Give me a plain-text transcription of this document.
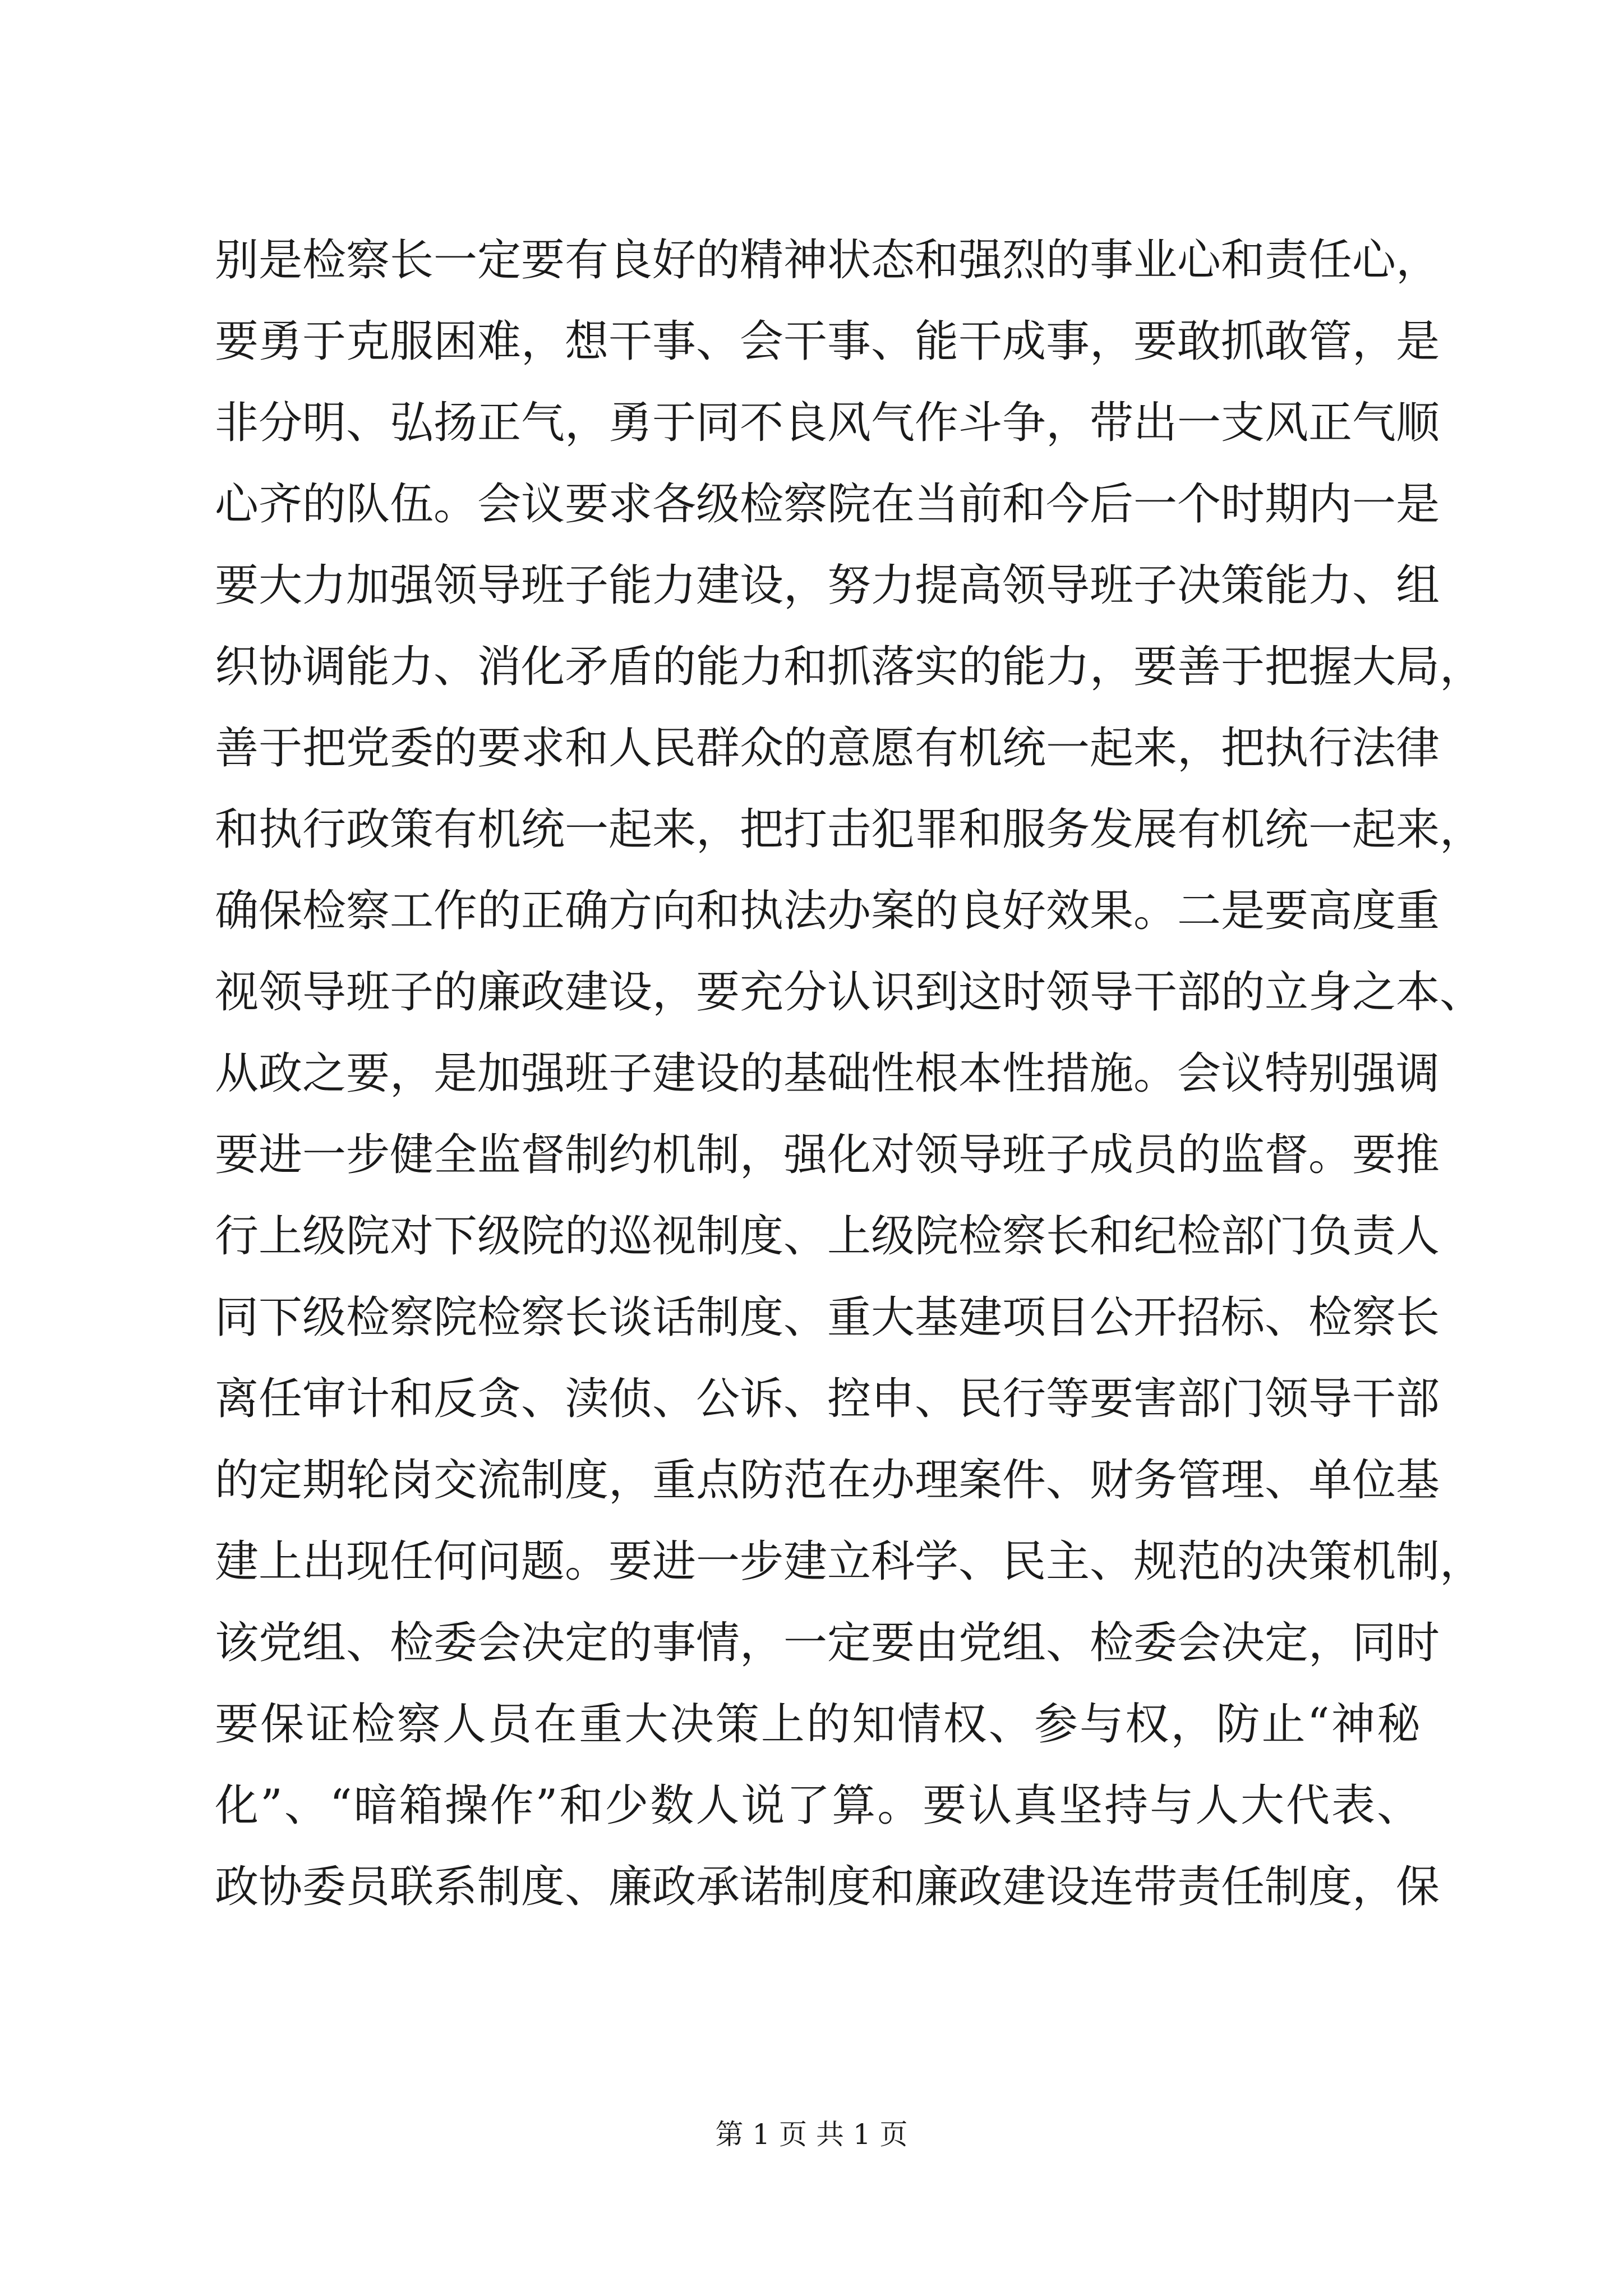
别是检察长一定要有良好的精神状态和强烈的事业心和责任心，
要勇于克服困难，想干事、会干事、能干成事，要敢抓敢管，是
非分明、弘扬正气，勇于同不良风气作斗争，带出一支风正气顺
心齐的队伍。会议要求各级检察院在当前和今后一个时期内一是
要大力加强领导班子能力建设，努力提高领导班子决策能力、组
织协调能力、消化矛盾的能力和抓落实的能力，要善于把握大局，
善于把党委的要求和人民群众的意愿有机统一起来，把执行法律
和执行政策有机统一起来，把打击犯罪和服务发展有机统一起来，
确保检察工作的正确方向和执法办案的良好效果。二是要高度重
视领导班子的廉政建设，要充分认识到这时领导干部的立身之本、
从政之要，是加强班子建设的基础性根本性措施。会议特别强调
要进一步健全监督制约机制，强化对领导班子成员的监督。要推
行上级院对下级院的巡视制度、上级院检察长和纪检部门负责人
同下级检察院检察长谈话制度、重大基建项目公开招标、检察长
离任审计和反贪、渎侦、公诉、控申、民行等要害部门领导干部
的定期轮岗交流制度，重点防范在办理案件、财务管理、单位基
建上出现任何问题。要进一步建立科学、民主、规范的决策机制，
该党组、检委会决定的事情，一定要由党组、检委会决定，同时
要保证检察人员在重大决策上的知情权、参与权，防止“神秘
化”、“暗箱操作”和少数人说了算。要认真坚持与人大代表、
政协委员联系制度、廉政承诺制度和廉政建设连带责任制度，保
第 1 页 共 1 页
